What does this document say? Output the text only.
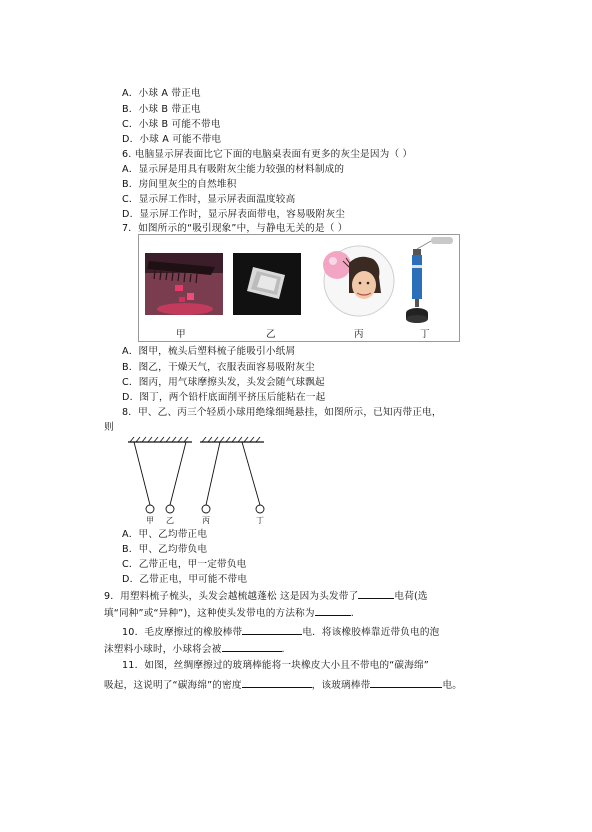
A．小球 A 带正电
B．小球 B 带正电
C．小球 B 可能不带电
D．小球 A 可能不带电
6. 电脑显示屏表面比它下面的电脑桌表面有更多的灰尘是因为（ ）
A．显示屏是用具有吸附灰尘能力较强的材料制成的
B．房间里灰尘的自然堆积
C．显示屏工作时，显示屏表面温度较高
D．显示屏工作时，显示屏表面带电，容易吸附灰尘
7．如图所示的“吸引现象”中，与静电无关的是（ ）
甲	乙	丙	丁
A．图甲，梳头后塑料梳子能吸引小纸屑
B．图乙，干燥天气，衣服表面容易吸附灰尘
C．图丙，用气球摩擦头发，头发会随气球飘起
D．图丁，两个铅杆底面削平挤压后能粘在一起
8．甲、乙、丙三个轻质小球用绝缘细绳悬挂，如图所示，已知丙带正电，
则
甲 乙	丙	丁
A．甲、乙均带正电
B．甲、乙均带负电
C．乙带正电，甲一定带负电
D．乙带正电，甲可能不带电
9．用塑料梳子梳头，头发会越梳越蓬松 这是因为头发带了	电荷(选
填“同种”或“异种”)，这种使头发带电的方法称为	.
10．毛皮摩擦过的橡胶棒带	电．将该橡胶棒靠近带负电的泡
沫塑料小球时，小球将会被	.
11．如图，丝绸摩擦过的玻璃棒能将一块橡皮大小且不带电的“碳海绵”
吸起，这说明了“碳海绵”的密度	，该玻璃棒带	电。
